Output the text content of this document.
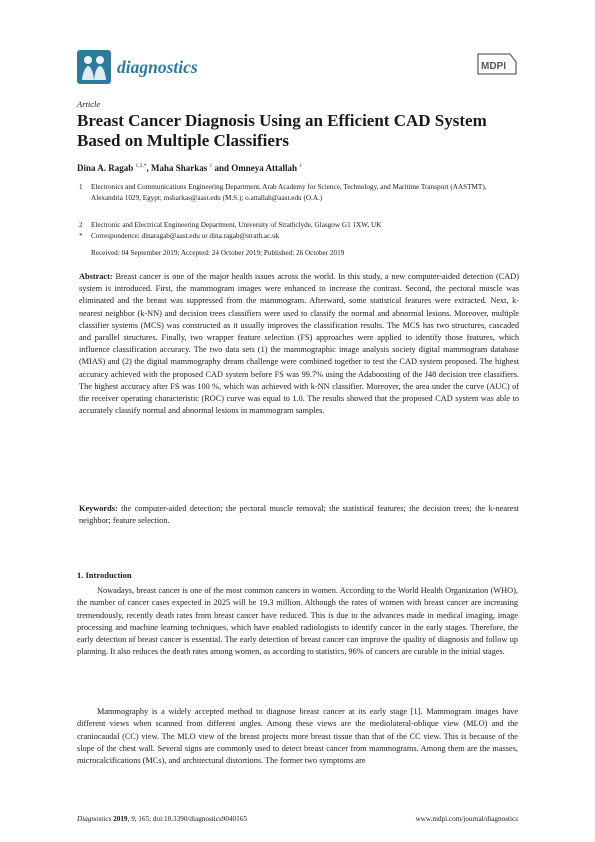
diagnostics	MDPI
Article
Breast Cancer Diagnosis Using an Efficient CAD System Based on Multiple Classifiers
Dina A. Ragab $^{1,2,*}$, Maha Sharkas $^1$ and Omneya Attallah $^1$
1 Electronics and Communications Engineering Department, Arab Academy for Science, Technology, and Maritime Transport (AASTMT), Alexandria 1029, Egypt; msharkas@aast.edu (M.S.); o.attallah@aast.edu (O.A.)
2 Electronic and Electrical Engineering Department, University of Strathclyde, Glasgow G1 1XW, UK
* Correspondence: dinaragab@aast.edu or dina.ragab@strath.ac.uk
Received: 04 September 2019; Accepted: 24 October 2019; Published: 26 October 2019
Abstract: Breast cancer is one of the major health issues across the world. In this study, a new computer-aided detection (CAD) system is introduced. First, the mammogram images were enhanced to increase the contrast. Second, the pectoral muscle was eliminated and the breast was suppressed from the mammogram. Afterward, some statistical features were extracted. Next, k-nearest neighbor (k-NN) and decision trees classifiers were used to classify the normal and abnormal lesions. Moreover, multiple classifier systems (MCS) was constructed as it usually improves the classification results. The MCS has two structures, cascaded and parallel structures. Finally, two wrapper feature selection (FS) approaches were applied to identify those features, which influence classification accuracy. The two data sets (1) the mammographic image analysis society digital mammogram database (MIAS) and (2) the digital mammography dream challenge were combined together to test the CAD system proposed. The highest accuracy achieved with the proposed CAD system before FS was 99.7% using the Adaboosting of the J48 decision tree classifiers. The highest accuracy after FS was 100 %, which was achieved with k-NN classifier. Moreover, the area under the curve (AUC) of the receiver operating characteristic (ROC) curve was equal to 1.0. The results showed that the proposed CAD system was able to accurately classify normal and abnormal lesions in mammogram samples.
Keywords: the computer-aided detection; the pectoral muscle removal; the statistical features; the decision trees; the k-nearest neighbor; feature selection.
1. Introduction
Nowadays, breast cancer is one of the most common cancers in women. According to the World Health Organization (WHO), the number of cancer cases expected in 2025 will be 19.3 million. Although the rates of women with breast cancer are increasing tremendously, recently death rates from breast cancer have reduced. This is due to the advances made in medical imaging, image processing and machine learning techniques, which have enabled radiologists to identify cancer in the early stages. Therefore, the early detection of breast cancer is essential. The early detection of breast cancer can improve the quality of diagnosis and follow up planning. It also reduces the death rates among women, as according to statistics, 96% of cancers are curable in the initial stages.
Mammography is a widely accepted method to diagnose breast cancer at its early stage [1]. Mammogram images have different views when scanned from different angles. Among these views are the mediolateral-oblique view (MLO) and the craniocaudal (CC) view. The MLO view of the breast projects more breast tissue than that of the CC view. This is because of the slope of the chest wall. Several signs are commonly used to detect breast cancer from mammograms. Among them are the masses, microcalcifications (MCs), and architectural distortions. The former two symptoms are
Diagnostics 2019, 9, 165; doi:10.3390/diagnostics9040165	www.mdpi.com/journal/diagnostics
